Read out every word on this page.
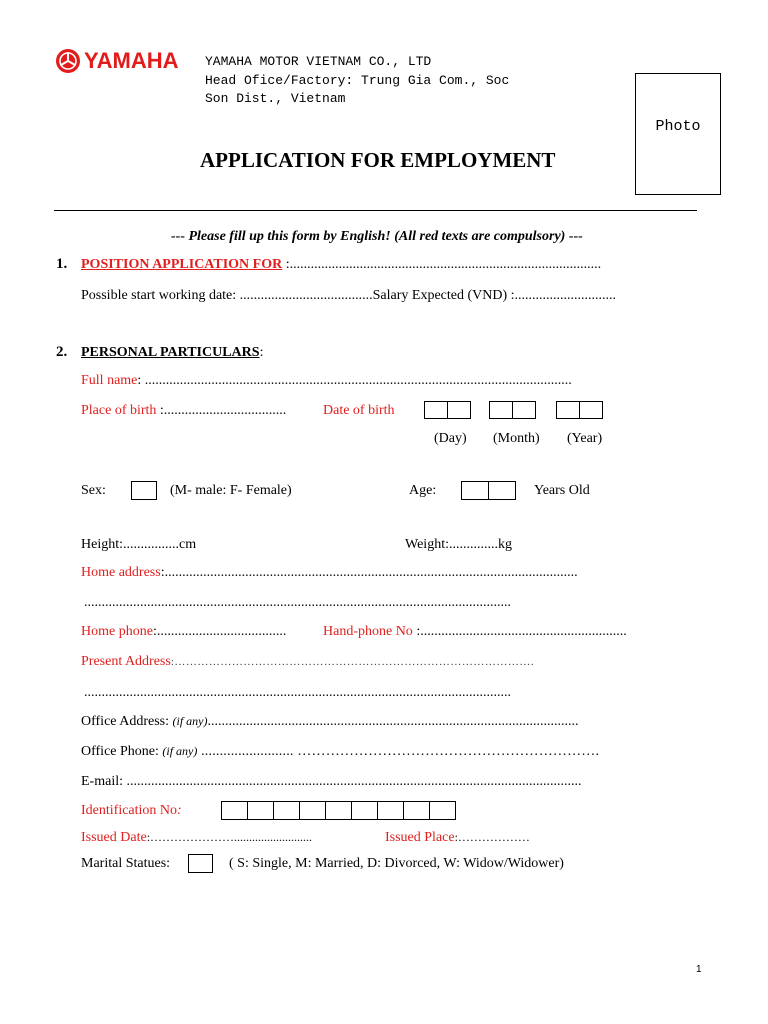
YAMAHA YAMAHA MOTOR VIETNAM CO., LTD
Head Ofice/Factory: Trung Gia Com., Soc
Son Dist., Vietnam

Photo
APPLICATION FOR EMPLOYMENT
--- Please fill up this form by English! (All red texts are compulsory) ---
1. POSITION APPLICATION FOR :.........................................................................................
Possible start working date: ......................................Salary Expected (VND) :.............................
2. PERSONAL PARTICULARS:
Full name: ..........................................................................................................................
Place of birth :...................................	Date of birth
(Day) (Month) (Year)
Sex:	(M- male: F- Female)	Age:	Years Old
Height:................cm	Weight:..............kg
Home address:......................................................................................................................
..........................................................................................................................
Home phone:.....................................	Hand-phone No :...........................................................
Present Address:………………………………………………………………………………….
..........................................................................................................................
Office Address: (if any)..........................................................................................................
Office Phone: (if any) ......................... ……………………………………………………….
E-mail: ..................................................................................................................................
Identification No:
Issued Date:…………………..........................	Issued Place:………………
Marital Statues:	( S: Single, M: Married, D: Divorced, W: Widow/Widower)
1
